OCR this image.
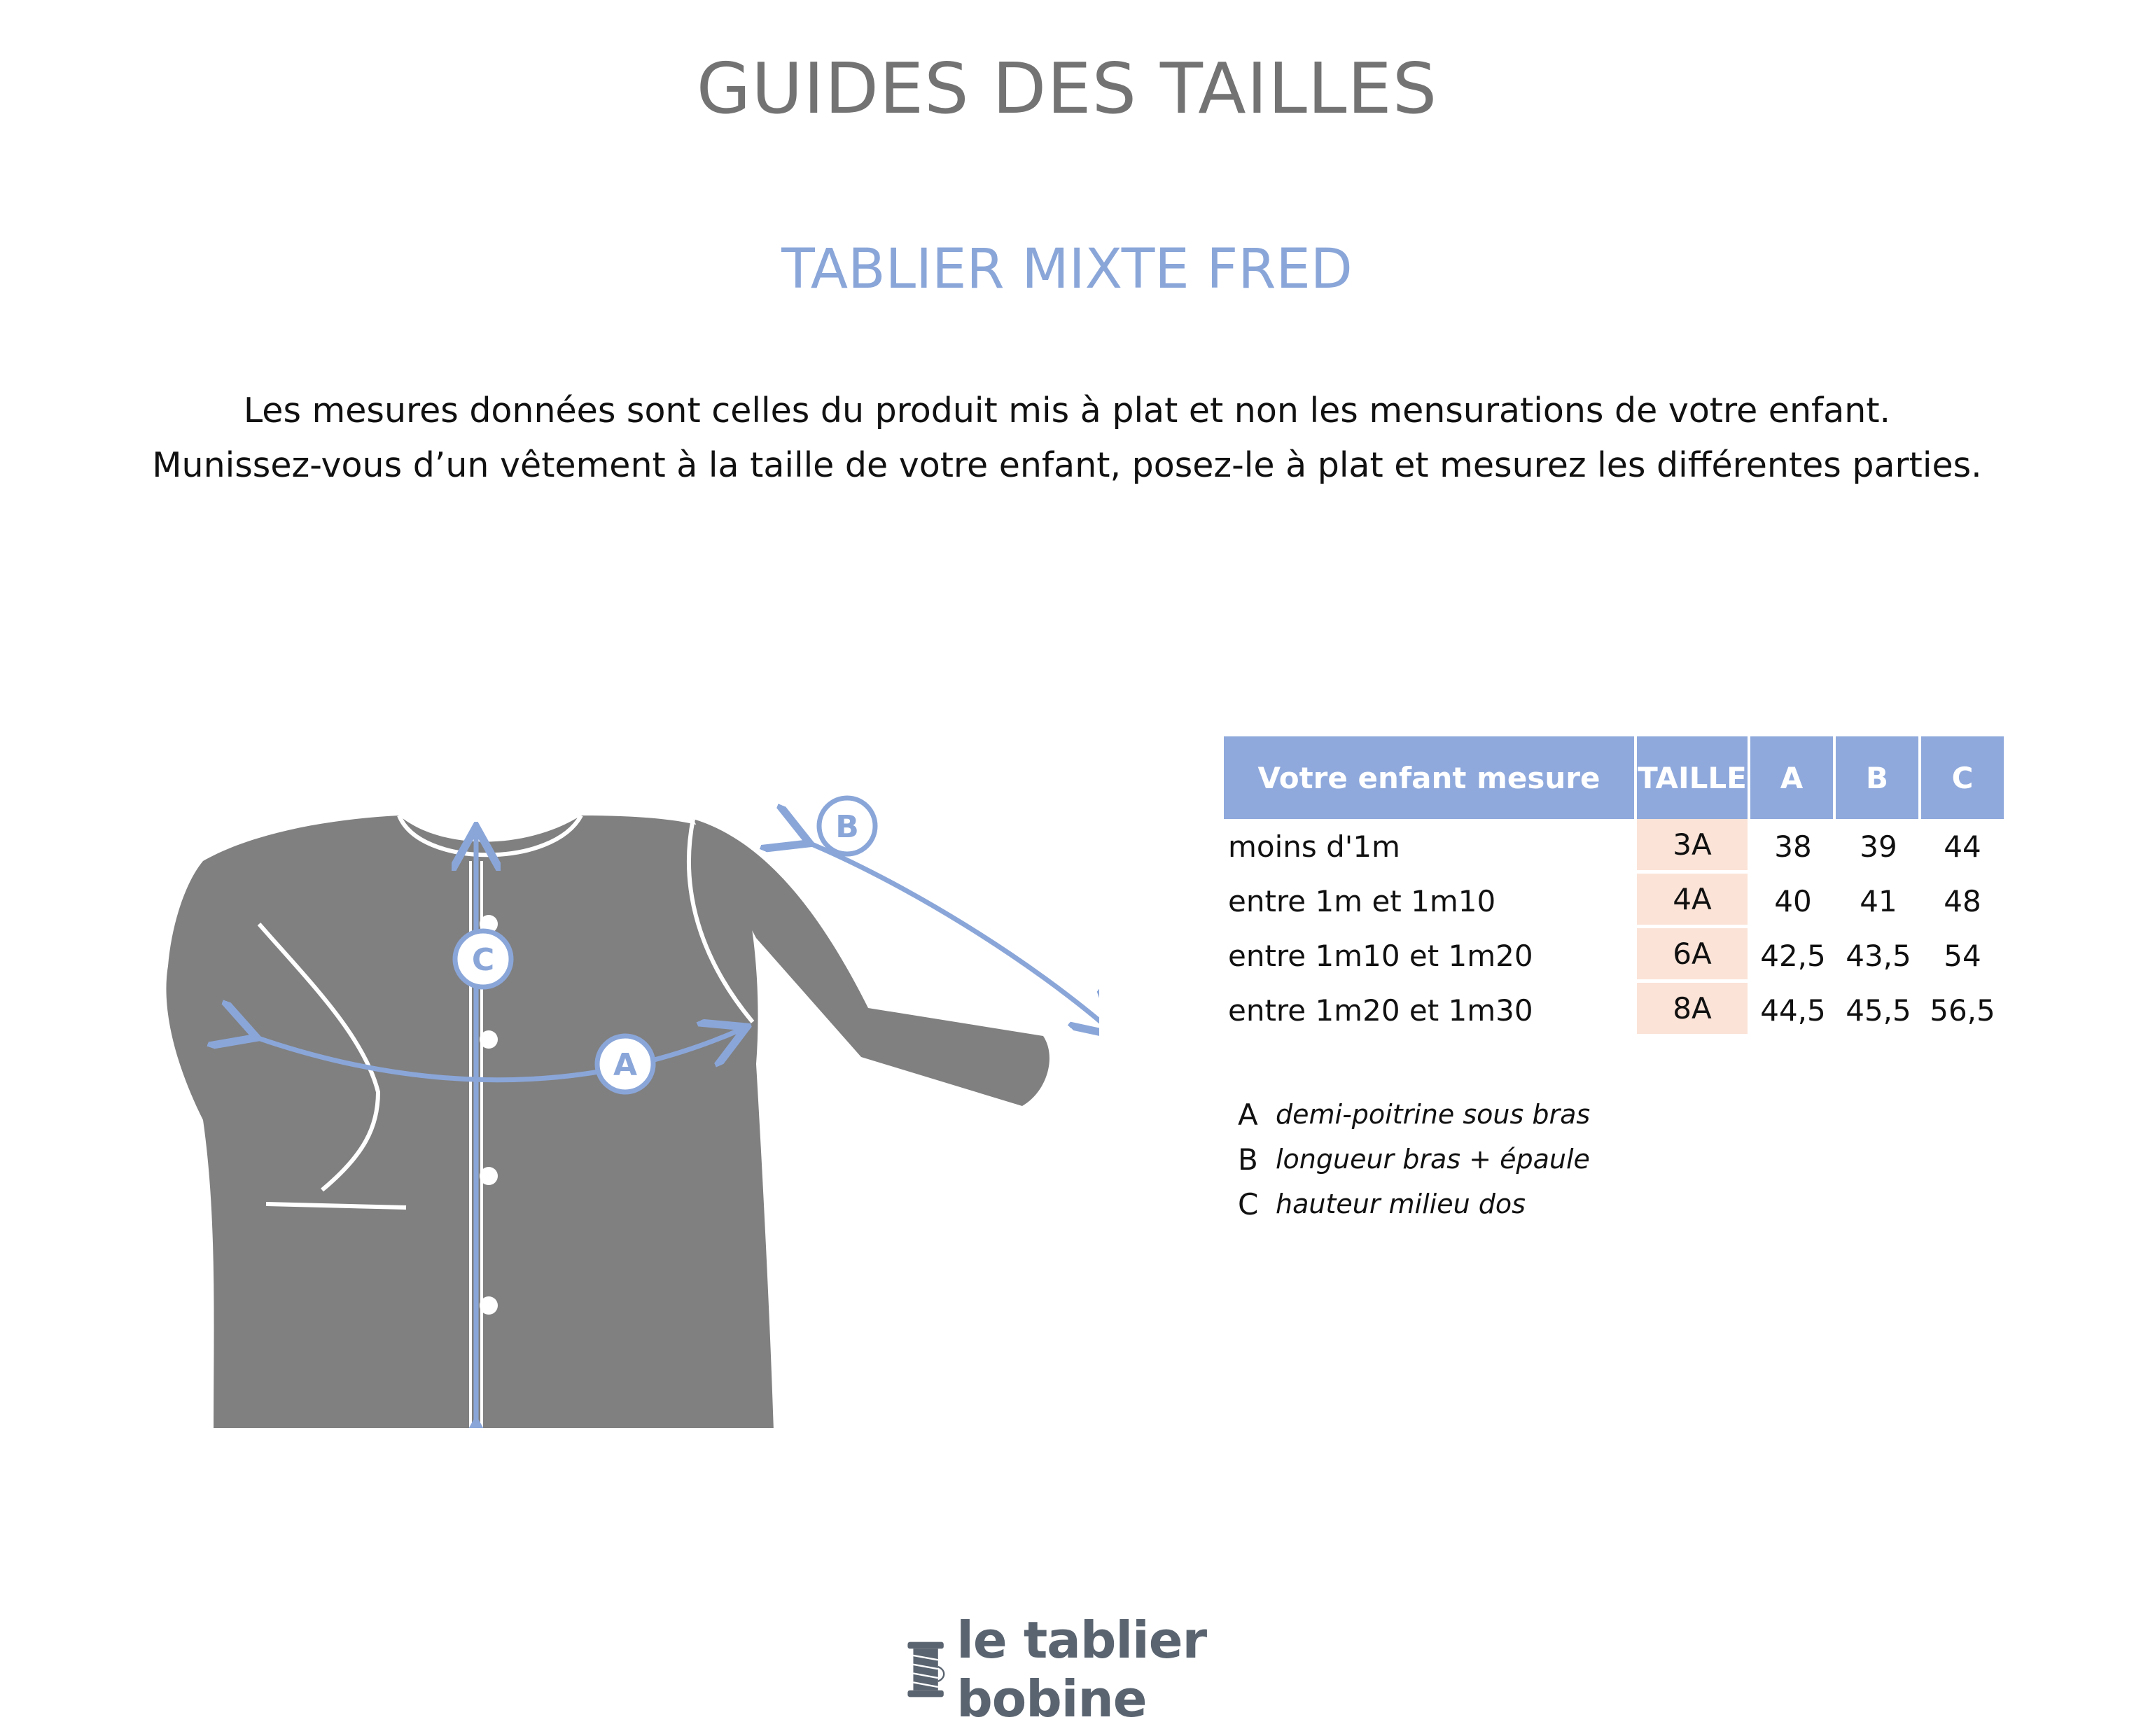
GUIDES DES TAILLES
TABLIER MIXTE FRED

Les mesures données sont celles du produit mis à plat et non les mensurations de votre enfant.

Munissez-vous d’un vêtement à la taille de votre enfant, posez-le à plat et mesurez les différentes parties.

C
B
A
Votre enfant mesure	TAILLE	A	B	C
moins d'1m	3A	38	39	44
entre 1m et 1m10	4A	40	41	48
entre 1m10 et 1m20	6A	42,5	43,5	54
entre 1m20 et 1m30	8A	44,5	45,5	56,5
A demi-poitrine sous bras
B longueur bras + épaule
C hauteur milieu dos
le tablier bobine
